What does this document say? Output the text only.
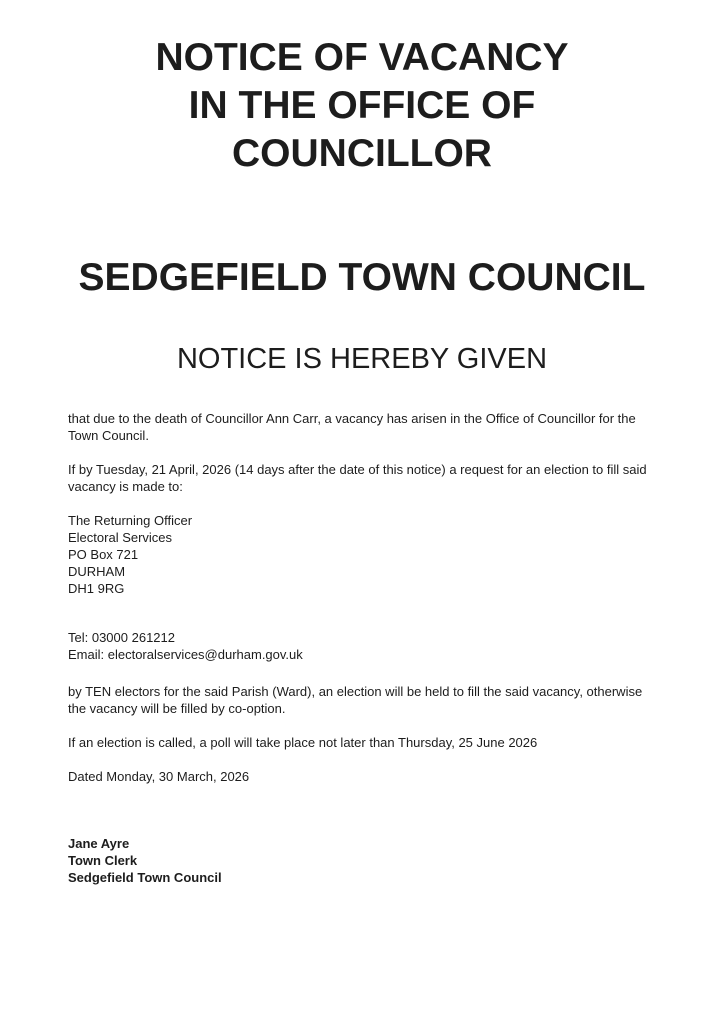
NOTICE OF VACANCY
IN THE OFFICE OF
COUNCILLOR
SEDGEFIELD TOWN COUNCIL
NOTICE IS HEREBY GIVEN

that due to the death of Councillor Ann Carr, a vacancy has arisen in the Office of Councillor for the Town Council.

If by Tuesday, 21 April, 2026 (14 days after the date of this notice) a request for an election to fill said vacancy is made to:

The Returning Officer
Electoral Services
PO Box 721
DURHAM
DH1 9RG
Tel: 03000 261212
Email: electoralservices@durham.gov.uk

by TEN electors for the said Parish (Ward), an election will be held to fill the said vacancy, otherwise the vacancy will be filled by co-option.

If an election is called, a poll will take place not later than Thursday, 25 June 2026

Dated Monday, 30 March, 2026

Jane Ayre
Town Clerk
Sedgefield Town Council
